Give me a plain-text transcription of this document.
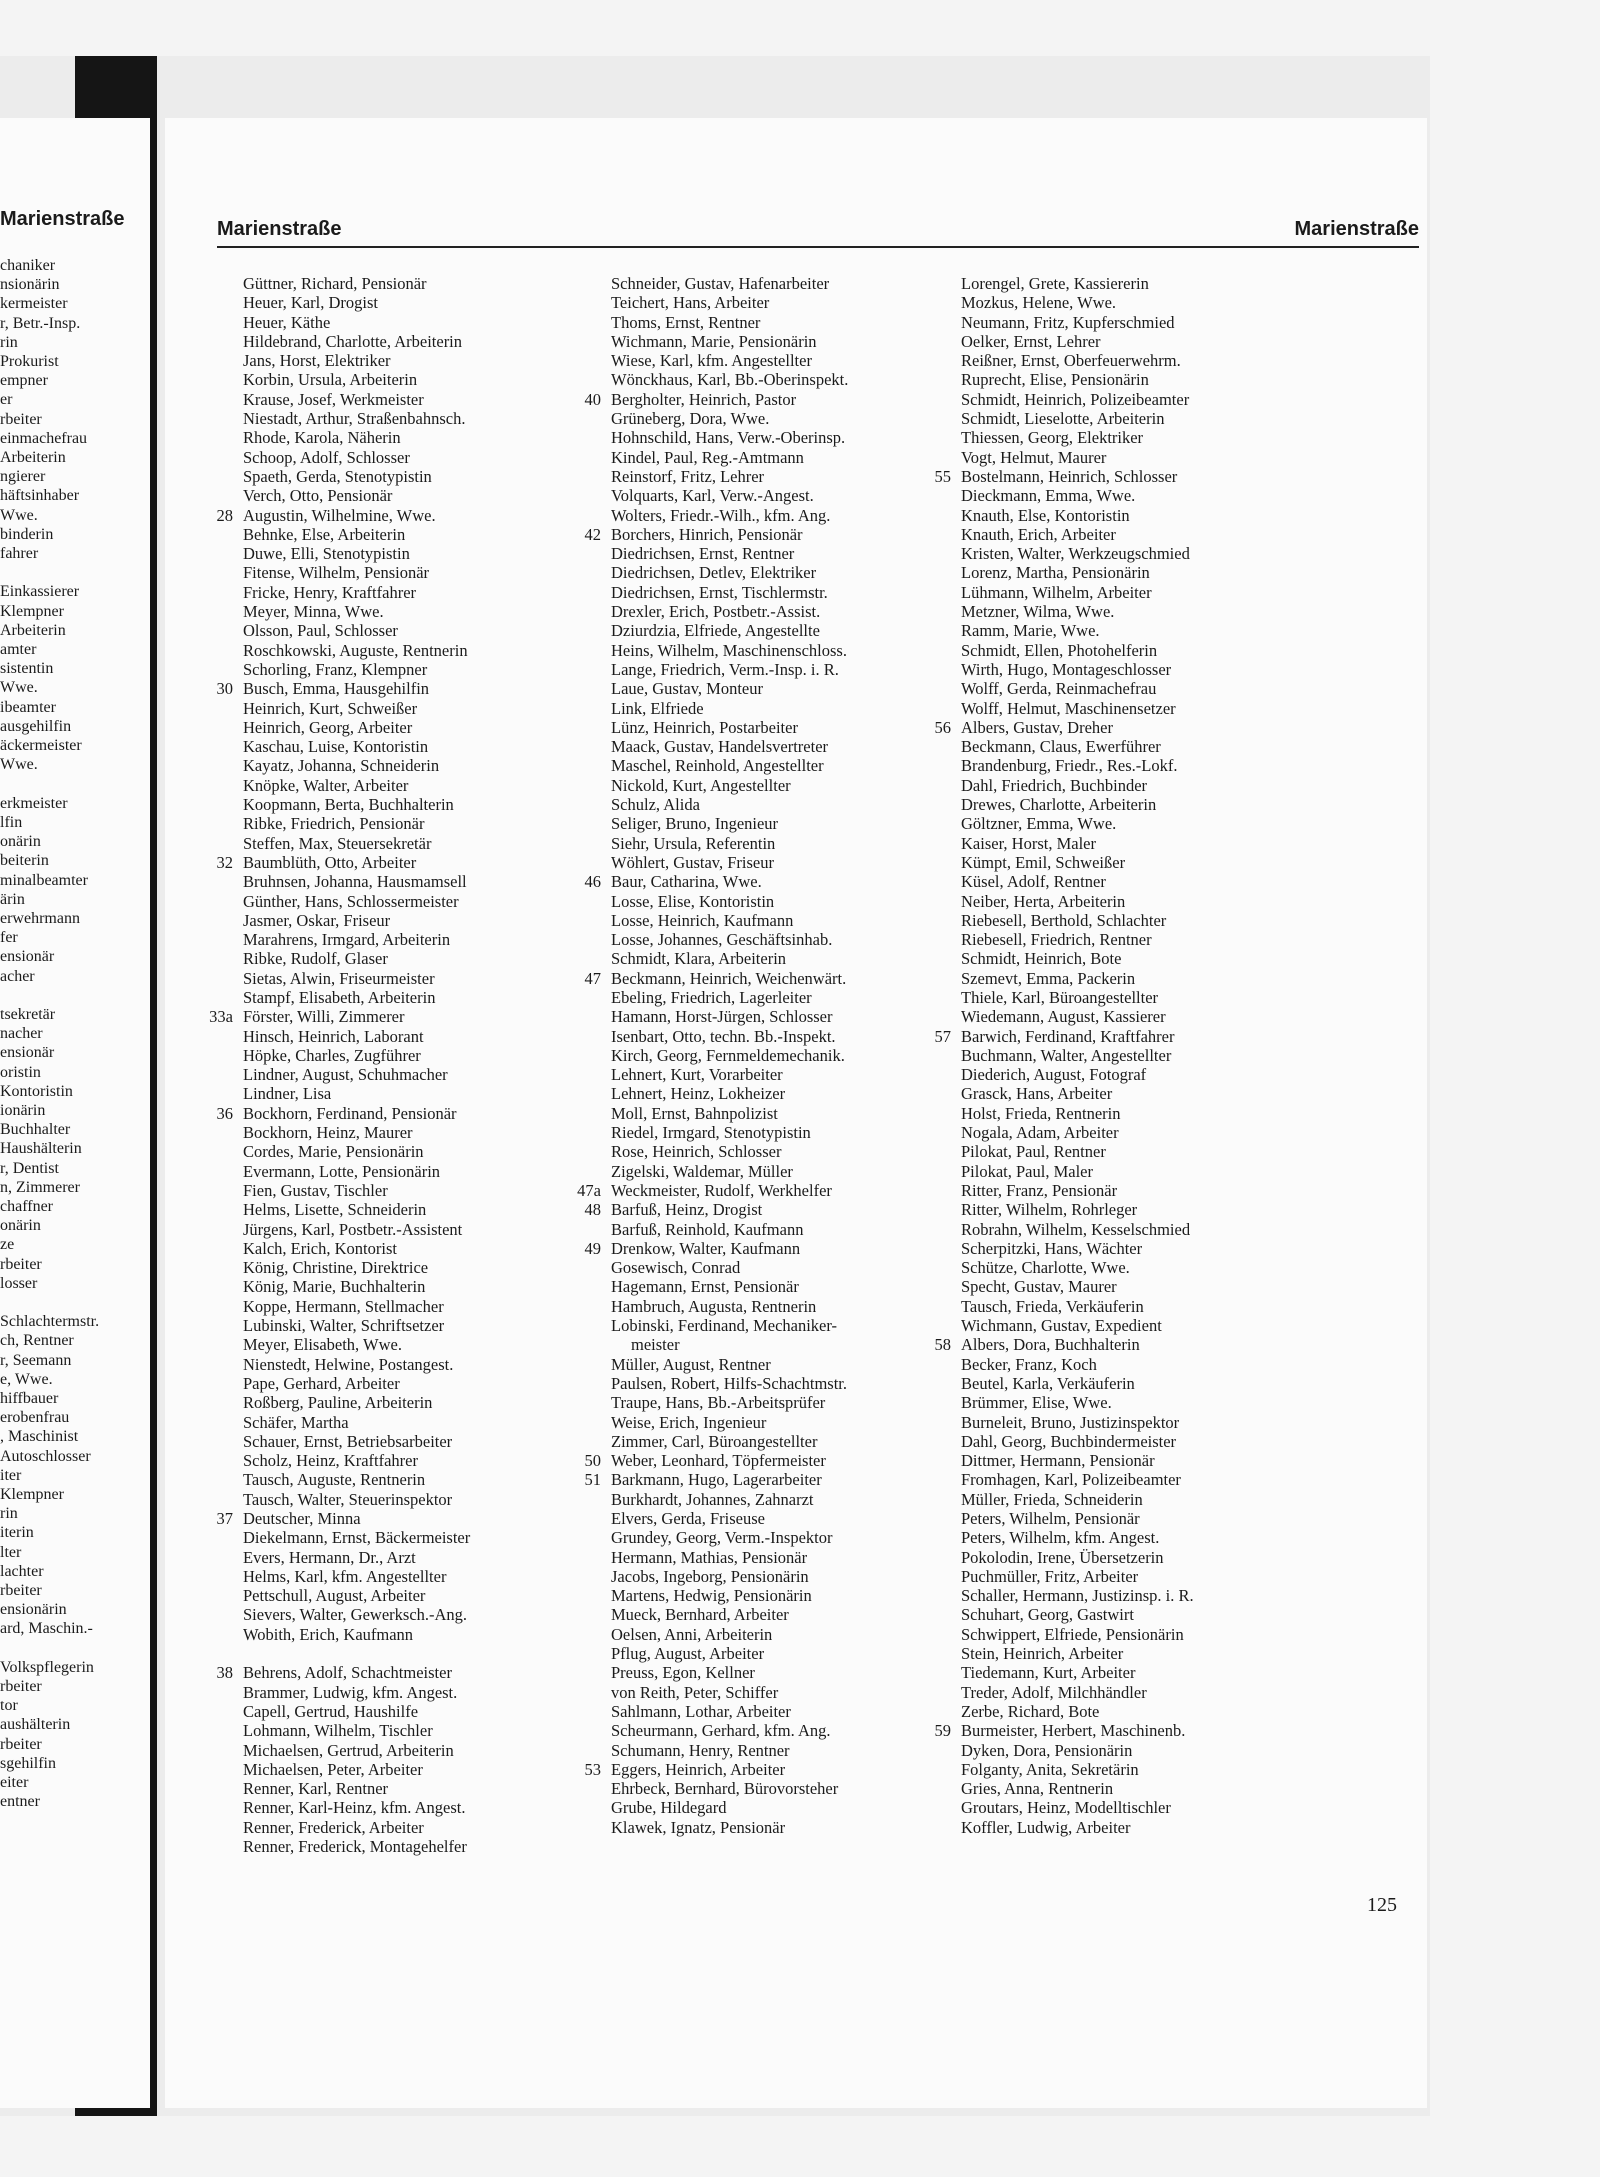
Marienstraße
chaniker
nsionärin
kermeister
r, Betr.-Insp.
rin
Prokurist
empner
er
rbeiter
einmachefrau
Arbeiterin
ngierer
häftsinhaber
Wwe.
binderin
fahrer

Einkassierer
Klempner
Arbeiterin
amter
sistentin
Wwe.
ibeamter
ausgehilfin
äckermeister
Wwe.

erkmeister
lfin
onärin
beiterin
minalbeamter
ärin
erwehrmann
fer
ensionär
acher

tsekretär
nacher
ensionär
oristin
Kontoristin
ionärin
Buchhalter
Haushälterin
r, Dentist
n, Zimmerer
chaffner
onärin
ze
rbeiter
losser

Schlachtermstr.
ch, Rentner
r, Seemann
e, Wwe.
hiffbauer
erobenfrau
, Maschinist
Autoschlosser
iter
Klempner
rin
iterin
lter
lachter
rbeiter
ensionärin
ard, Maschin.-

Volkspflegerin
rbeiter
tor
aushälterin
rbeiter
sgehilfin
eiter
entner
Marienstraße	Marienstraße
Güttner, Richard, Pensionär
Heuer, Karl, Drogist
Heuer, Käthe
Hildebrand, Charlotte, Arbeiterin
Jans, Horst, Elektriker
Korbin, Ursula, Arbeiterin
Krause, Josef, Werkmeister
Niestadt, Arthur, Straßenbahnsch.
Rhode, Karola, Näherin
Schoop, Adolf, Schlosser
Spaeth, Gerda, Stenotypistin
Verch, Otto, Pensionär
28 Augustin, Wilhelmine, Wwe.
Behnke, Else, Arbeiterin
Duwe, Elli, Stenotypistin
Fitense, Wilhelm, Pensionär
Fricke, Henry, Kraftfahrer
Meyer, Minna, Wwe.
Olsson, Paul, Schlosser
Roschkowski, Auguste, Rentnerin
Schorling, Franz, Klempner
30 Busch, Emma, Hausgehilfin
Heinrich, Kurt, Schweißer
Heinrich, Georg, Arbeiter
Kaschau, Luise, Kontoristin
Kayatz, Johanna, Schneiderin
Knöpke, Walter, Arbeiter
Koopmann, Berta, Buchhalterin
Ribke, Friedrich, Pensionär
Steffen, Max, Steuersekretär
32 Baumblüth, Otto, Arbeiter
Bruhnsen, Johanna, Hausmamsell
Günther, Hans, Schlossermeister
Jasmer, Oskar, Friseur
Marahrens, Irmgard, Arbeiterin
Ribke, Rudolf, Glaser
Sietas, Alwin, Friseurmeister
Stampf, Elisabeth, Arbeiterin
33a Förster, Willi, Zimmerer
Hinsch, Heinrich, Laborant
Höpke, Charles, Zugführer
Lindner, August, Schuhmacher
Lindner, Lisa
36 Bockhorn, Ferdinand, Pensionär
Bockhorn, Heinz, Maurer
Cordes, Marie, Pensionärin
Evermann, Lotte, Pensionärin
Fien, Gustav, Tischler
Helms, Lisette, Schneiderin
Jürgens, Karl, Postbetr.-Assistent
Kalch, Erich, Kontorist
König, Christine, Direktrice
König, Marie, Buchhalterin
Koppe, Hermann, Stellmacher
Lubinski, Walter, Schriftsetzer
Meyer, Elisabeth, Wwe.
Nienstedt, Helwine, Postangest.
Pape, Gerhard, Arbeiter
Roßberg, Pauline, Arbeiterin
Schäfer, Martha
Schauer, Ernst, Betriebsarbeiter
Scholz, Heinz, Kraftfahrer
Tausch, Auguste, Rentnerin
Tausch, Walter, Steuerinspektor
37 Deutscher, Minna
Diekelmann, Ernst, Bäckermeister
Evers, Hermann, Dr., Arzt
Helms, Karl, kfm. Angestellter
Pettschull, August, Arbeiter
Sievers, Walter, Gewerksch.-Ang.
Wobith, Erich, Kaufmann

38 Behrens, Adolf, Schachtmeister
Brammer, Ludwig, kfm. Angest.
Capell, Gertrud, Haushilfe
Lohmann, Wilhelm, Tischler
Michaelsen, Gertrud, Arbeiterin
Michaelsen, Peter, Arbeiter
Renner, Karl, Rentner
Renner, Karl-Heinz, kfm. Angest.
Renner, Frederick, Arbeiter
Renner, Frederick, Montagehelfer
Schneider, Gustav, Hafenarbeiter
Teichert, Hans, Arbeiter
Thoms, Ernst, Rentner
Wichmann, Marie, Pensionärin
Wiese, Karl, kfm. Angestellter
Wönckhaus, Karl, Bb.-Oberinspekt.
40 Bergholter, Heinrich, Pastor
Grüneberg, Dora, Wwe.
Hohnschild, Hans, Verw.-Oberinsp.
Kindel, Paul, Reg.-Amtmann
Reinstorf, Fritz, Lehrer
Volquarts, Karl, Verw.-Angest.
Wolters, Friedr.-Wilh., kfm. Ang.
42 Borchers, Hinrich, Pensionär
Diedrichsen, Ernst, Rentner
Diedrichsen, Detlev, Elektriker
Diedrichsen, Ernst, Tischlermstr.
Drexler, Erich, Postbetr.-Assist.
Dziurdzia, Elfriede, Angestellte
Heins, Wilhelm, Maschinenschloss.
Lange, Friedrich, Verm.-Insp. i. R.
Laue, Gustav, Monteur
Link, Elfriede
Lünz, Heinrich, Postarbeiter
Maack, Gustav, Handelsvertreter
Maschel, Reinhold, Angestellter
Nickold, Kurt, Angestellter
Schulz, Alida
Seliger, Bruno, Ingenieur
Siehr, Ursula, Referentin
Wöhlert, Gustav, Friseur
46 Baur, Catharina, Wwe.
Losse, Elise, Kontoristin
Losse, Heinrich, Kaufmann
Losse, Johannes, Geschäftsinhab.
Schmidt, Klara, Arbeiterin
47 Beckmann, Heinrich, Weichenwärt.
Ebeling, Friedrich, Lagerleiter
Hamann, Horst-Jürgen, Schlosser
Isenbart, Otto, techn. Bb.-Inspekt.
Kirch, Georg, Fernmeldemechanik.
Lehnert, Kurt, Vorarbeiter
Lehnert, Heinz, Lokheizer
Moll, Ernst, Bahnpolizist
Riedel, Irmgard, Stenotypistin
Rose, Heinrich, Schlosser
Zigelski, Waldemar, Müller
47a Weckmeister, Rudolf, Werkhelfer
48 Barfuß, Heinz, Drogist
Barfuß, Reinhold, Kaufmann
49 Drenkow, Walter, Kaufmann
Gosewisch, Conrad
Hagemann, Ernst, Pensionär
Hambruch, Augusta, Rentnerin
Lobinski, Ferdinand, Mechaniker-
meister
Müller, August, Rentner
Paulsen, Robert, Hilfs-Schachtmstr.
Traupe, Hans, Bb.-Arbeitsprüfer
Weise, Erich, Ingenieur
Zimmer, Carl, Büroangestellter
50 Weber, Leonhard, Töpfermeister
51 Barkmann, Hugo, Lagerarbeiter
Burkhardt, Johannes, Zahnarzt
Elvers, Gerda, Friseuse
Grundey, Georg, Verm.-Inspektor
Hermann, Mathias, Pensionär
Jacobs, Ingeborg, Pensionärin
Martens, Hedwig, Pensionärin
Mueck, Bernhard, Arbeiter
Oelsen, Anni, Arbeiterin
Pflug, August, Arbeiter
Preuss, Egon, Kellner
von Reith, Peter, Schiffer
Sahlmann, Lothar, Arbeiter
Scheurmann, Gerhard, kfm. Ang.
Schumann, Henry, Rentner
53 Eggers, Heinrich, Arbeiter
Ehrbeck, Bernhard, Bürovorsteher
Grube, Hildegard
Klawek, Ignatz, Pensionär
Lorengel, Grete, Kassiererin
Mozkus, Helene, Wwe.
Neumann, Fritz, Kupferschmied
Oelker, Ernst, Lehrer
Reißner, Ernst, Oberfeuerwehrm.
Ruprecht, Elise, Pensionärin
Schmidt, Heinrich, Polizeibeamter
Schmidt, Lieselotte, Arbeiterin
Thiessen, Georg, Elektriker
Vogt, Helmut, Maurer
55 Bostelmann, Heinrich, Schlosser
Dieckmann, Emma, Wwe.
Knauth, Else, Kontoristin
Knauth, Erich, Arbeiter
Kristen, Walter, Werkzeugschmied
Lorenz, Martha, Pensionärin
Lühmann, Wilhelm, Arbeiter
Metzner, Wilma, Wwe.
Ramm, Marie, Wwe.
Schmidt, Ellen, Photohelferin
Wirth, Hugo, Montageschlosser
Wolff, Gerda, Reinmachefrau
Wolff, Helmut, Maschinensetzer
56 Albers, Gustav, Dreher
Beckmann, Claus, Ewerführer
Brandenburg, Friedr., Res.-Lokf.
Dahl, Friedrich, Buchbinder
Drewes, Charlotte, Arbeiterin
Göltzner, Emma, Wwe.
Kaiser, Horst, Maler
Kümpt, Emil, Schweißer
Küsel, Adolf, Rentner
Neiber, Herta, Arbeiterin
Riebesell, Berthold, Schlachter
Riebesell, Friedrich, Rentner
Schmidt, Heinrich, Bote
Szemevt, Emma, Packerin
Thiele, Karl, Büroangestellter
Wiedemann, August, Kassierer
57 Barwich, Ferdinand, Kraftfahrer
Buchmann, Walter, Angestellter
Diederich, August, Fotograf
Grasck, Hans, Arbeiter
Holst, Frieda, Rentnerin
Nogala, Adam, Arbeiter
Pilokat, Paul, Rentner
Pilokat, Paul, Maler
Ritter, Franz, Pensionär
Ritter, Wilhelm, Rohrleger
Robrahn, Wilhelm, Kesselschmied
Scherpitzki, Hans, Wächter
Schütze, Charlotte, Wwe.
Specht, Gustav, Maurer
Tausch, Frieda, Verkäuferin
Wichmann, Gustav, Expedient
58 Albers, Dora, Buchhalterin
Becker, Franz, Koch
Beutel, Karla, Verkäuferin
Brümmer, Elise, Wwe.
Burneleit, Bruno, Justizinspektor
Dahl, Georg, Buchbindermeister
Dittmer, Hermann, Pensionär
Fromhagen, Karl, Polizeibeamter
Müller, Frieda, Schneiderin
Peters, Wilhelm, Pensionär
Peters, Wilhelm, kfm. Angest.
Pokolodin, Irene, Übersetzerin
Puchmüller, Fritz, Arbeiter
Schaller, Hermann, Justizinsp. i. R.
Schuhart, Georg, Gastwirt
Schwippert, Elfriede, Pensionärin
Stein, Heinrich, Arbeiter
Tiedemann, Kurt, Arbeiter
Treder, Adolf, Milchhändler
Zerbe, Richard, Bote
59 Burmeister, Herbert, Maschinenb.
Dyken, Dora, Pensionärin
Folganty, Anita, Sekretärin
Gries, Anna, Rentnerin
Groutars, Heinz, Modelltischler
Koffler, Ludwig, Arbeiter
125
